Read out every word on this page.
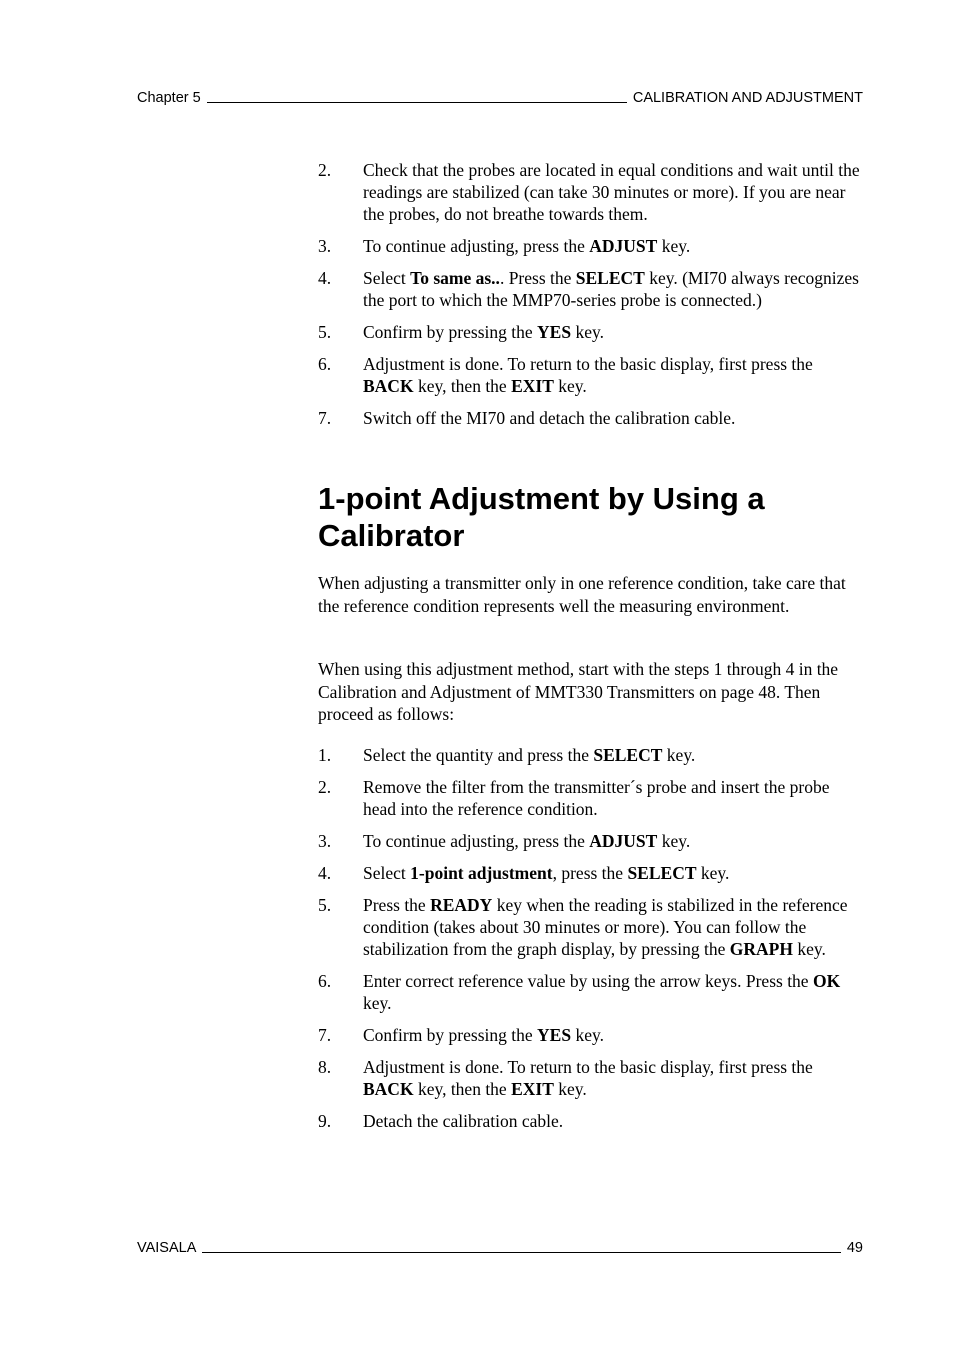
Chapter 5	CALIBRATION AND ADJUSTMENT
2.	Check that the probes are located in equal conditions and wait until the readings are stabilized (can take 30 minutes or more). If you are near the probes, do not breathe towards them.
3.	To continue adjusting, press the ADJUST key.
4.	Select To same as... Press the SELECT key. (MI70 always recognizes the port to which the MMP70-series probe is connected.)
5.	Confirm by pressing the YES key.
6.	Adjustment is done. To return to the basic display, first press the BACK key, then the EXIT key.
7.	Switch off the MI70 and detach the calibration cable.
1-point Adjustment by Using a Calibrator

When adjusting a transmitter only in one reference condition, take care that the reference condition represents well the measuring environment.

When using this adjustment method, start with the steps 1 through 4 in the Calibration and Adjustment of MMT330 Transmitters on page 48. Then proceed as follows:

1.	Select the quantity and press the SELECT key.
2.	Remove the filter from the transmitter´s probe and insert the probe head into the reference condition.
3.	To continue adjusting, press the ADJUST key.
4.	Select 1-point adjustment, press the SELECT key.
5.	Press the READY key when the reading is stabilized in the reference condition (takes about 30 minutes or more). You can follow the stabilization from the graph display, by pressing the GRAPH key.
6.	Enter correct reference value by using the arrow keys. Press the OK key.
7.	Confirm by pressing the YES key.
8.	Adjustment is done. To return to the basic display, first press the BACK key, then the EXIT key.
9.	Detach the calibration cable.
VAISALA	49
